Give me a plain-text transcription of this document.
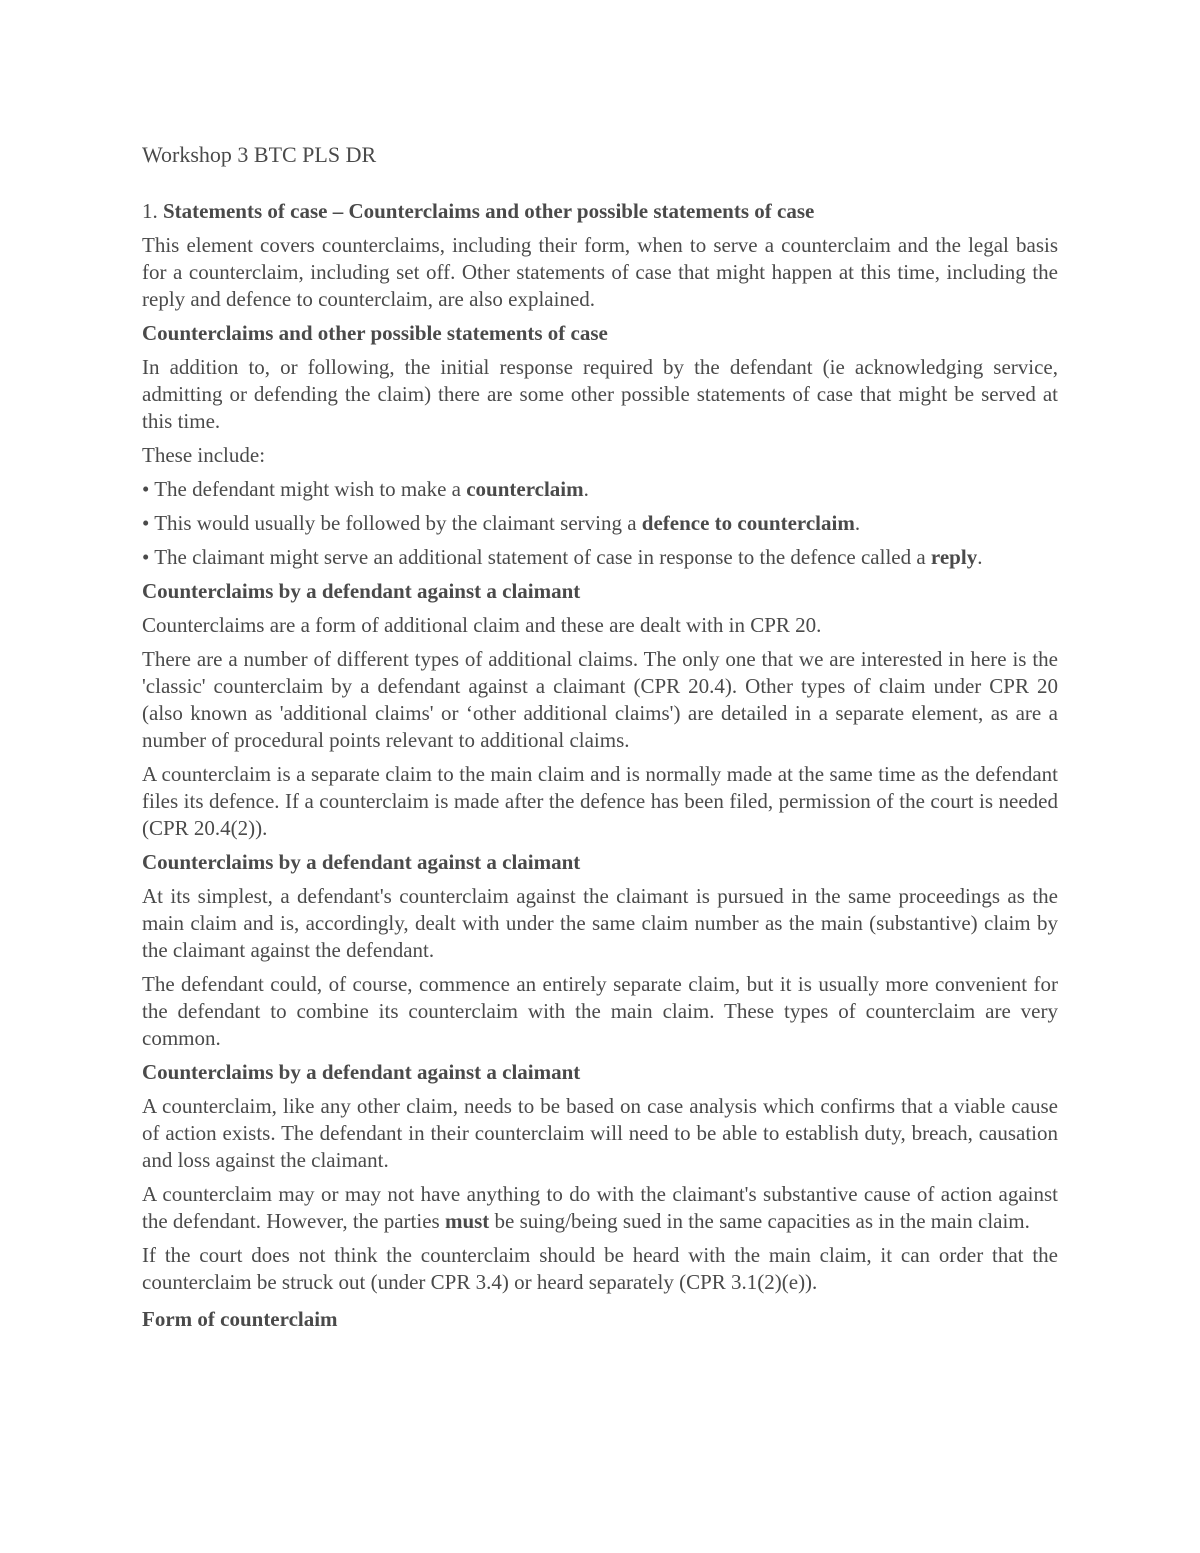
Workshop 3 BTC PLS DR

1. Statements of case – Counterclaims and other possible statements of case

This element covers counterclaims, including their form, when to serve a counterclaim and the legal basis for a counterclaim, including set off. Other statements of case that might happen at this time, including the reply and defence to counterclaim, are also explained.

Counterclaims and other possible statements of case

In addition to, or following, the initial response required by the defendant (ie acknowledging service, admitting or defending the claim) there are some other possible statements of case that might be served at this time.

These include:

• The defendant might wish to make a counterclaim.

• This would usually be followed by the claimant serving a defence to counterclaim.

• The claimant might serve an additional statement of case in response to the defence called a reply.

Counterclaims by a defendant against a claimant

Counterclaims are a form of additional claim and these are dealt with in CPR 20.

There are a number of different types of additional claims. The only one that we are interested in here is the 'classic' counterclaim by a defendant against a claimant (CPR 20.4). Other types of claim under CPR 20 (also known as 'additional claims' or ‘other additional claims') are detailed in a separate element, as are a number of procedural points relevant to additional claims.

A counterclaim is a separate claim to the main claim and is normally made at the same time as the defendant files its defence. If a counterclaim is made after the defence has been filed, permission of the court is needed (CPR 20.4(2)).

Counterclaims by a defendant against a claimant

At its simplest, a defendant's counterclaim against the claimant is pursued in the same proceedings as the main claim and is, accordingly, dealt with under the same claim number as the main (substantive) claim by the claimant against the defendant.

The defendant could, of course, commence an entirely separate claim, but it is usually more convenient for the defendant to combine its counterclaim with the main claim. These types of counterclaim are very common.

Counterclaims by a defendant against a claimant

A counterclaim, like any other claim, needs to be based on case analysis which confirms that a viable cause of action exists. The defendant in their counterclaim will need to be able to establish duty, breach, causation and loss against the claimant.

A counterclaim may or may not have anything to do with the claimant's substantive cause of action against the defendant. However, the parties must be suing/being sued in the same capacities as in the main claim.

If the court does not think the counterclaim should be heard with the main claim, it can order that the counterclaim be struck out (under CPR 3.4) or heard separately (CPR 3.1(2)(e)).

Form of counterclaim
